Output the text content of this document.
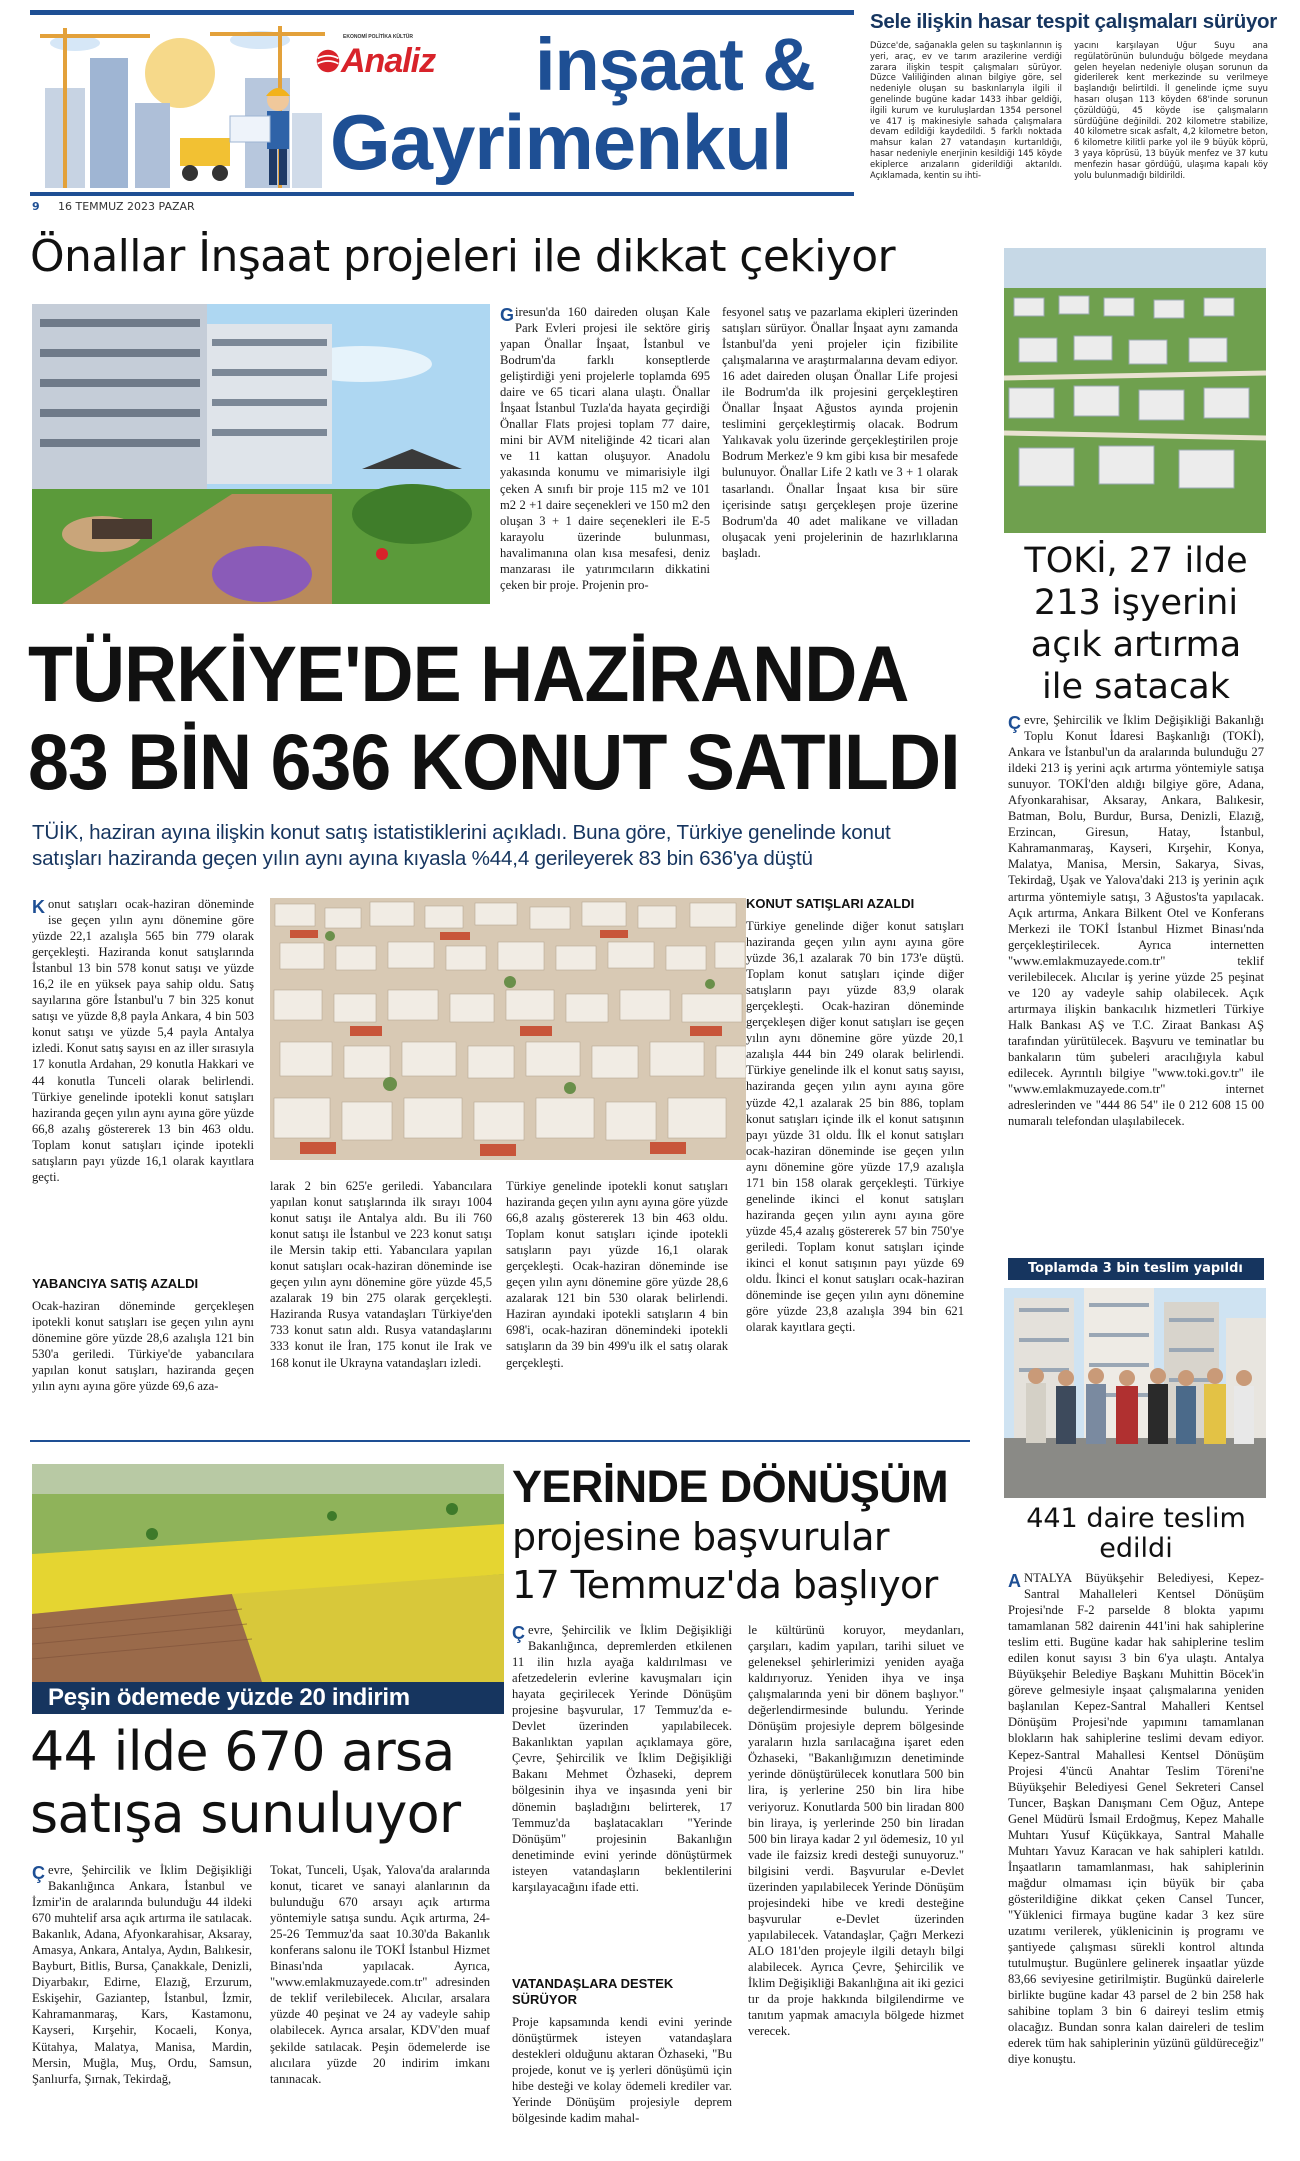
Analiz
EKONOMİ POLİTİKA KÜLTÜR inşaat &
Gayrimenkul
9 16 TEMMUZ 2023 PAZAR
Sele ilişkin hasar tespit çalışmaları sürüyor
Düzce'de, sağanakla gelen su taşkınlarının iş yeri, araç, ev ve tarım arazilerine verdiği zarara ilişkin tespit çalışmaları sürüyor. Düzce Valiliğinden alınan bilgiye göre, sel nedeniyle oluşan su baskınlarıyla ilgili il genelinde bugüne kadar 1433 ihbar geldiği, ilgili kurum ve kuruluşlardan 1354 personel ve 417 iş makinesiyle sahada çalışmalara devam edildiği kaydedildi. 5 farklı noktada mahsur kalan 27 vatandaşın kurtarıldığı, hasar nedeniyle enerjinin kesildiği 145 köyde ekiplerce arızaların giderildiği aktarıldı. Açıklamada, kentin su ihti-
yacını karşılayan Uğur Suyu ana regülatörünün bulunduğu bölgede meydana gelen heyelan nedeniyle oluşan sorunun da giderilerek kent merkezinde su verilmeye başlandığı belirtildi. İl genelinde içme suyu hasarı oluşan 113 köyden 68'inde sorunun çözüldüğü, 45 köyde ise çalışmaların sürdüğüne değinildi. 202 kilometre stabilize, 40 kilometre sıcak asfalt, 4,2 kilometre beton, 6 kilometre kilitli parke yol ile 9 büyük köprü, 3 yaya köprüsü, 13 büyük menfez ve 37 kutu menfezin hasar gördüğü, ulaşıma kapalı köy yolu bulunmadığı bildirildi.
Önallar İnşaat projeleri ile dikkat çekiyor
G iresun'da 160 daireden oluşan Kale Park Evleri projesi ile sektöre giriş yapan Önallar İnşaat, İstanbul ve Bodrum'da farklı konseptlerde geliştirdiği yeni projelerle toplamda 695 daire ve 65 ticari alana ulaştı. Önallar İnşaat İstanbul Tuzla'da hayata geçirdiği Önallar Flats projesi toplam 77 daire, mini bir AVM niteliğinde 42 ticari alan ve 11 kattan oluşuyor. Anadolu yakasında konumu ve mimarisiyle ilgi çeken A sınıfı bir proje 115 m2 ve 101 m2 2 +1 daire seçenekleri ve 150 m2 den oluşan 3 + 1 daire seçenekleri ile E-5 karayolu üzerinde bulunması, havalimanına olan kısa mesafesi, deniz manzarası ile yatırımcıların dikkatini çeken bir proje. Projenin pro-
fesyonel satış ve pazarlama ekipleri üzerinden satışları sürüyor. Önallar İnşaat aynı zamanda İstanbul'da yeni projeler için fizibilite çalışmalarına ve araştırmalarına devam ediyor. 16 adet daireden oluşan Önallar Life projesi ile Bodrum'da ilk projesini gerçekleştiren Önallar İnşaat Ağustos ayında projenin teslimini gerçekleştirmiş olacak. Bodrum Yalıkavak yolu üzerinde gerçekleştirilen proje Bodrum Merkez'e 9 km gibi kısa bir mesafede bulunuyor. Önallar Life 2 katlı ve 3 + 1 olarak tasarlandı. Önallar İnşaat kısa bir süre içerisinde satışı gerçekleşen proje üzerine Bodrum'da 40 adet malikane ve villadan oluşacak yeni projelerinin de hazırlıklarına başladı.	TOKİ, 27 ilde 213 işyerini açık artırma ile satacak
Ç evre, Şehircilik ve İklim Değişikliği Bakanlığı Toplu Konut İdaresi Başkanlığı (TOKİ), Ankara ve İstanbul'un da aralarında bulunduğu 27 ildeki 213 iş yerini açık artırma yöntemiyle satışa sunuyor. TOKİ'den aldığı bilgiye göre, Adana, Afyonkarahisar, Aksaray, Ankara, Balıkesir, Batman, Bolu, Burdur, Bursa, Denizli, Elazığ, Erzincan, Giresun, Hatay, İstanbul, Kahramanmaraş, Kayseri, Kırşehir, Konya, Malatya, Manisa, Mersin, Sakarya, Sivas, Tekirdağ, Uşak ve Yalova'daki 213 iş yerinin açık artırma yöntemiyle satışı, 3 Ağustos'ta yapılacak. Açık artırma, Ankara Bilkent Otel ve Konferans Merkezi ile TOKİ İstanbul Hizmet Binası'nda gerçekleştirilecek. Ayrıca internetten "www.emlakmuzayede.com.tr" teklif verilebilecek. Alıcılar iş yerine yüzde 25 peşinat ve 120 ay vadeyle sahip olabilecek. Açık artırmaya ilişkin bankacılık hizmetleri Türkiye Halk Bankası AŞ ve T.C. Ziraat Bankası AŞ tarafından yürütülecek. Başvuru ve teminatlar bu bankaların tüm şubeleri aracılığıyla kabul edilecek. Ayrıntılı bilgiye "www.toki.gov.tr" ile "www.emlakmuzayede.com.tr" internet adreslerinden ve "444 86 54" ile 0 212 608 15 00 numaralı telefondan ulaşılabilecek.
TÜRKİYE'DE HAZİRANDA
83 BİN 636 KONUT SATILDI
TÜİK, haziran ayına ilişkin konut satış istatistiklerini açıkladı. Buna göre, Türkiye genelinde konut satışları haziranda geçen yılın aynı ayına kıyasla %44,4 gerileyerek 83 bin 636'ya düştü
K onut satışları ocak-haziran döneminde ise geçen yılın aynı dönemine göre yüzde 22,1 azalışla 565 bin 779 olarak gerçekleşti. Haziranda konut satışlarında İstanbul 13 bin 578 konut satışı ve yüzde 16,2 ile en yüksek paya sahip oldu. Satış sayılarına göre İstanbul'u 7 bin 325 konut satışı ve yüzde 8,8 payla Ankara, 4 bin 503 konut satışı ve yüzde 5,4 payla Antalya izledi. Konut satış sayısı en az iller sırasıyla 17 konutla Ardahan, 29 konutla Hakkari ve 44 konutla Tunceli olarak belirlendi. Türkiye genelinde ipotekli konut satışları haziranda geçen yılın aynı ayına göre yüzde 66,8 azalış göstererek 13 bin 463 oldu. Toplam konut satışları içinde ipotekli satışların payı yüzde 16,1 olarak kayıtlara geçti.
YABANCIYA SATIŞ AZALDI
Ocak-haziran döneminde gerçekleşen ipotekli konut satışları ise geçen yılın aynı dönemine göre yüzde 28,6 azalışla 121 bin 530'a geriledi. Türkiye'de yabancılara yapılan konut satışları, haziranda geçen yılın aynı ayına göre yüzde 69,6 aza-
larak 2 bin 625'e geriledi. Yabancılara yapılan konut satışlarında ilk sırayı 1004 konut satışı ile Antalya aldı. Bu ili 760 konut satışı ile İstanbul ve 223 konut satışı ile Mersin takip etti. Yabancılara yapılan konut satışları ocak-haziran döneminde ise geçen yılın aynı dönemine göre yüzde 45,5 azalarak 19 bin 275 olarak gerçekleşti. Haziranda Rusya vatandaşları Türkiye'den 733 konut satın aldı. Rusya vatandaşlarını 333 konut ile İran, 175 konut ile Irak ve 168 konut ile Ukrayna vatandaşları izledi.
Türkiye genelinde ipotekli konut satışları haziranda geçen yılın aynı ayına göre yüzde 66,8 azalış göstererek 13 bin 463 oldu. Toplam konut satışları içinde ipotekli satışların payı yüzde 16,1 olarak gerçekleşti. Ocak-haziran döneminde ise geçen yılın aynı dönemine göre yüzde 28,6 azalarak 121 bin 530 olarak belirlendi. Haziran ayındaki ipotekli satışların 4 bin 698'i, ocak-haziran dönemindeki ipotekli satışların da 39 bin 499'u ilk el satış olarak gerçekleşti.
KONUT SATIŞLARI AZALDI
Türkiye genelinde diğer konut satışları haziranda geçen yılın aynı ayına göre yüzde 36,1 azalarak 70 bin 173'e düştü. Toplam konut satışları içinde diğer satışların payı yüzde 83,9 olarak gerçekleşti. Ocak-haziran döneminde gerçekleşen diğer konut satışları ise geçen yılın aynı dönemine göre yüzde 20,1 azalışla 444 bin 249 olarak belirlendi. Türkiye genelinde ilk el konut satış sayısı, haziranda geçen yılın aynı ayına göre yüzde 42,1 azalarak 25 bin 886, toplam konut satışları içinde ilk el konut satışının payı yüzde 31 oldu. İlk el konut satışları ocak-haziran döneminde ise geçen yılın aynı dönemine göre yüzde 17,9 azalışla 171 bin 158 olarak gerçekleşti. Türkiye genelinde ikinci el konut satışları haziranda geçen yılın aynı ayına göre yüzde 45,4 azalış göstererek 57 bin 750'ye geriledi. Toplam konut satışları içinde ikinci el konut satışının payı yüzde 69 oldu. İkinci el konut satışları ocak-haziran döneminde ise geçen yılın aynı dönemine göre yüzde 23,8 azalışla 394 bin 621 olarak kayıtlara geçti.
Toplamda 3 bin teslim yapıldı
441 daire teslim edildi
A NTALYA Büyükşehir Belediyesi, Kepez-Santral Mahalleleri Kentsel Dönüşüm Projesi'nde F-2 parselde 8 blokta yapımı tamamlanan 582 dairenin 441'ini hak sahiplerine teslim etti. Bugüne kadar hak sahiplerine teslim edilen konut sayısı 3 bin 6'ya ulaştı. Antalya Büyükşehir Belediye Başkanı Muhittin Böcek'in göreve gelmesiyle inşaat çalışmalarına yeniden başlanılan Kepez-Santral Mahalleri Kentsel Dönüşüm Projesi'nde yapımını tamamlanan blokların hak sahiplerine teslimi devam ediyor. Kepez-Santral Mahallesi Kentsel Dönüşüm Projesi 4'üncü Anahtar Teslim Töreni'ne Büyükşehir Belediyesi Genel Sekreteri Cansel Tuncer, Başkan Danışmanı Cem Oğuz, Antepe Genel Müdürü İsmail Erdoğmuş, Kepez Mahalle Muhtarı Yusuf Küçükkaya, Santral Mahalle Muhtarı Yavuz Karacan ve hak sahipleri katıldı. İnşaatların tamamlanması, hak sahiplerinin mağdur olmaması için büyük bir çaba gösterildiğine dikkat çeken Cansel Tuncer, "Yüklenici firmaya bugüne kadar 3 kez süre uzatımı verilerek, yüklenicinin iş programı ve şantiyede çalışması sürekli kontrol altında tutulmuştur. Bugünlere gelinerek inşaatlar yüzde 83,66 seviyesine getirilmiştir. Bugünkü dairelerle birlikte bugüne kadar 43 parsel de 2 bin 258 hak sahibine toplam 3 bin 6 daireyi teslim etmiş olacağız. Bundan sonra kalan daireleri de teslim ederek tüm hak sahiplerinin yüzünü güldüreceğiz" diye konuştu.
Peşin ödemede yüzde 20 indirim
44 ilde 670 arsa
satışa sunuluyor
Ç evre, Şehircilik ve İklim Değişikliği Bakanlığınca Ankara, İstanbul ve İzmir'in de aralarında bulunduğu 44 ildeki 670 muhtelif arsa açık artırma ile satılacak. Bakanlık, Adana, Afyonkarahisar, Aksaray, Amasya, Ankara, Antalya, Aydın, Balıkesir, Bayburt, Bitlis, Bursa, Çanakkale, Denizli, Diyarbakır, Edirne, Elazığ, Erzurum, Eskişehir, Gaziantep, İstanbul, İzmir, Kahramanmaraş, Kars, Kastamonu, Kayseri, Kırşehir, Kocaeli, Konya, Kütahya, Malatya, Manisa, Mardin, Mersin, Muğla, Muş, Ordu, Samsun, Şanlıurfa, Şırnak, Tekirdağ,
Tokat, Tunceli, Uşak, Yalova'da aralarında konut, ticaret ve sanayi alanlarının da bulunduğu 670 arsayı açık artırma yöntemiyle satışa sundu. Açık artırma, 24-25-26 Temmuz'da saat 10.30'da Bakanlık konferans salonu ile TOKİ İstanbul Hizmet Binası'nda yapılacak. Ayrıca, "www.emlakmuzayede.com.tr" adresinden de teklif verilebilecek. Alıcılar, arsalara yüzde 40 peşinat ve 24 ay vadeyle sahip olabilecek. Ayrıca arsalar, KDV'den muaf şekilde satılacak. Peşin ödemelerde ise alıcılara yüzde 20 indirim imkanı tanınacak.
YERİNDE DÖNÜŞÜM
projesine başvurular
17 Temmuz'da başlıyor
Ç evre, Şehircilik ve İklim Değişikliği Bakanlığınca, depremlerden etkilenen 11 ilin hızla ayağa kaldırılması ve afetzedelerin evlerine kavuşmaları için hayata geçirilecek Yerinde Dönüşüm projesine başvurular, 17 Temmuz'da e-Devlet üzerinden yapılabilecek. Bakanlıktan yapılan açıklamaya göre, Çevre, Şehircilik ve İklim Değişikliği Bakanı Mehmet Özhaseki, deprem bölgesinin ihya ve inşasında yeni bir dönemin başladığını belirterek, 17 Temmuz'da başlatacakları "Yerinde Dönüşüm" projesinin Bakanlığın denetiminde evini yerinde dönüştürmek isteyen vatandaşların beklentilerini karşılayacağını ifade etti.
VATANDAŞLARA DESTEK SÜRÜYOR
Proje kapsamında kendi evini yerinde dönüştürmek isteyen vatandaşlara destekleri olduğunu aktaran Özhaseki, "Bu projede, konut ve iş yerleri dönüşümü için hibe desteği ve kolay ödemeli krediler var. Yerinde Dönüşüm projesiyle deprem bölgesinde kadim mahal-
le kültürünü koruyor, meydanları, çarşıları, kadim yapıları, tarihi siluet ve geleneksel şehirlerimizi yeniden ayağa kaldırıyoruz. Yeniden ihya ve inşa çalışmalarında yeni bir dönem başlıyor." değerlendirmesinde bulundu. Yerinde Dönüşüm projesiyle deprem bölgesinde yaraların hızla sarılacağına işaret eden Özhaseki, "Bakanlığımızın denetiminde yerinde dönüştürülecek konutlara 500 bin lira, iş yerlerine 250 bin lira hibe veriyoruz. Konutlarda 500 bin liradan 800 bin liraya, iş yerlerinde 250 bin liradan 500 bin liraya kadar 2 yıl ödemesiz, 10 yıl vade ile faizsiz kredi desteği sunuyoruz." bilgisini verdi. Başvurular e-Devlet üzerinden yapılabilecek Yerinde Dönüşüm projesindeki hibe ve kredi desteğine başvurular e-Devlet üzerinden yapılabilecek. Vatandaşlar, Çağrı Merkezi ALO 181'den projeyle ilgili detaylı bilgi alabilecek. Ayrıca Çevre, Şehircilik ve İklim Değişikliği Bakanlığına ait iki gezici tır da proje hakkında bilgilendirme ve tanıtım yapmak amacıyla bölgede hizmet verecek.
